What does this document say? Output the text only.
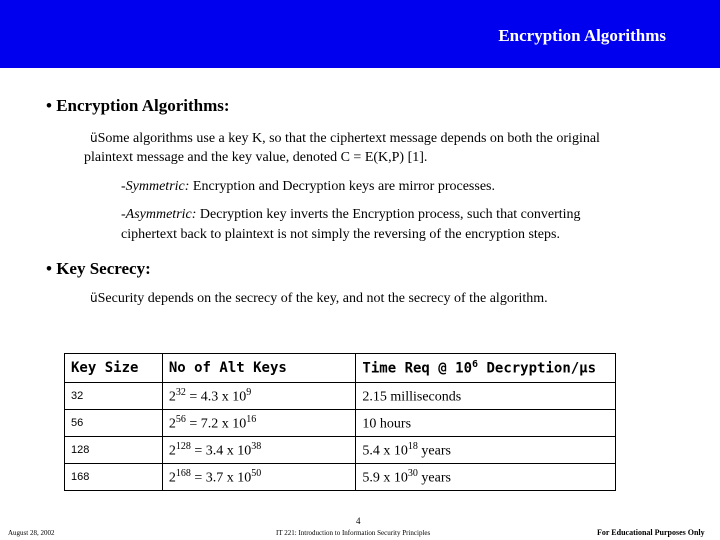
Encryption Algorithms
• Encryption Algorithms:
üSome algorithms use a key K, so that the ciphertext message depends on both the original
plaintext message and the key value, denoted C = E(K,P) [1].
-Symmetric: Encryption and Decryption keys are mirror processes.
-Asymmetric: Decryption key inverts the Encryption process, such that converting
ciphertext back to plaintext is not simply the reversing of the encryption steps.
• Key Secrecy:
üSecurity depends on the secrecy of the key, and not the secrecy of the algorithm.
Key Size	No of Alt Keys	Time Req @ $10^6$ Decryption/µs
32	$2^{32} = 4.3$ x $10^9$	2.15 milliseconds
56	$2^{56} = 7.2$ x $10^{16}$	10 hours
128	$2^{128} = 3.4$ x $10^{38}$	5.4 x $10^{18}$ years
168	$2^{168} = 3.7$ x $10^{50}$	5.9 x $10^{30}$ years
4
August 28, 2002	IT 221: Introduction to Information Security Principles	For Educational Purposes Only
